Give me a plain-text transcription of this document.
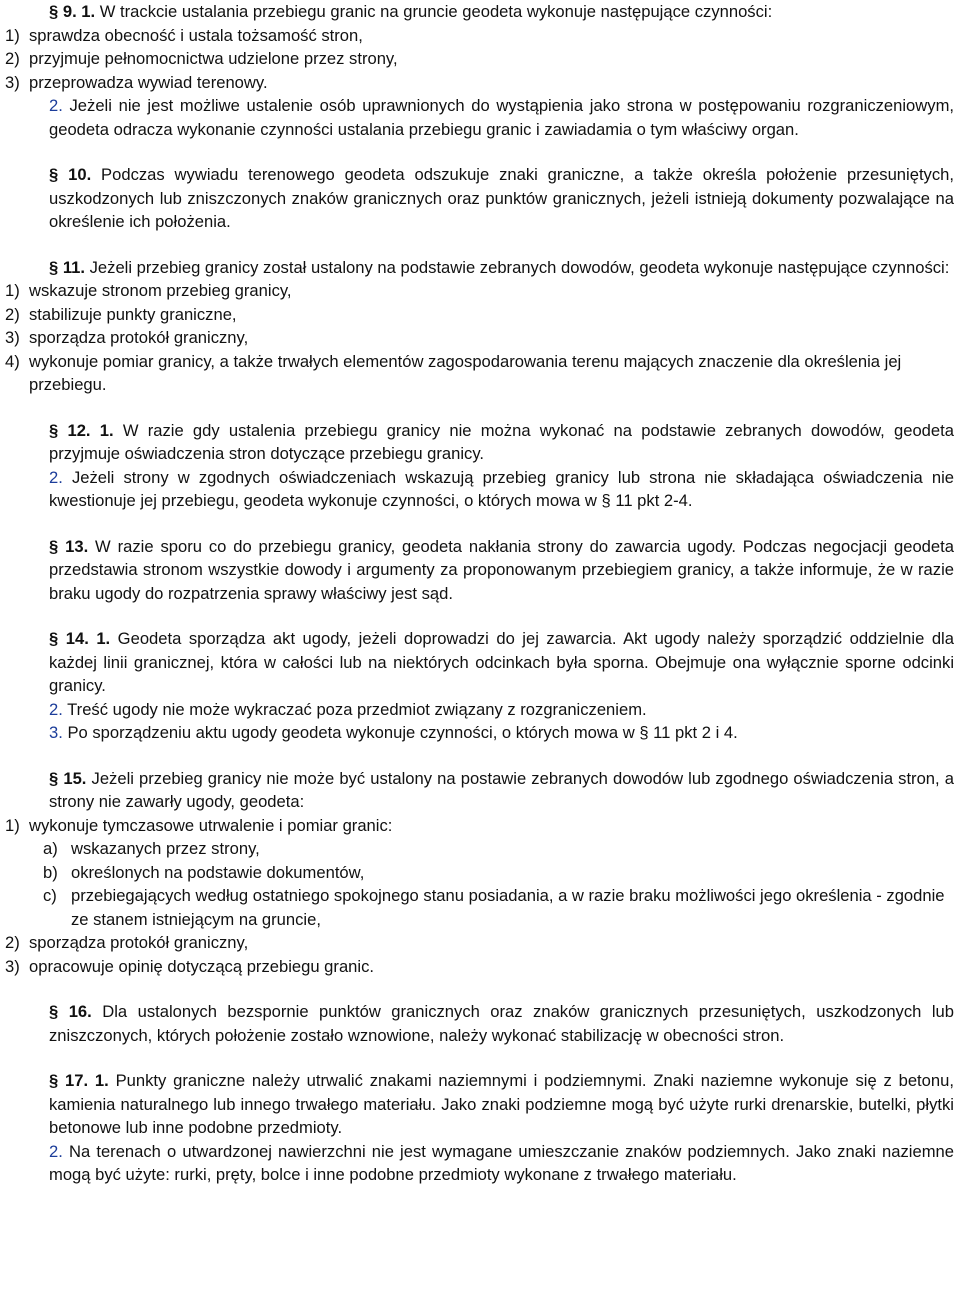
§ 9. 1. W trackcie ustalania przebiegu granic na gruncie geodeta wykonuje następujące czynności:

1) sprawdza obecność i ustala tożsamość stron,
2) przyjmuje pełnomocnictwa udzielone przez strony,
3) przeprowadza wywiad terenowy.

2. Jeżeli nie jest możliwe ustalenie osób uprawnionych do wystąpienia jako strona w postępowaniu rozgraniczeniowym, geodeta odracza wykonanie czynności ustalania przebiegu granic i zawiadamia o tym właściwy organ.

§ 10. Podczas wywiadu terenowego geodeta odszukuje znaki graniczne, a także określa położenie przesuniętych, uszkodzonych lub zniszczonych znaków granicznych oraz punktów granicznych, jeżeli istnieją dokumenty pozwalające na określenie ich położenia.

§ 11. Jeżeli przebieg granicy został ustalony na podstawie zebranych dowodów, geodeta wykonuje następujące czynności:

1) wskazuje stronom przebieg granicy,
2) stabilizuje punkty graniczne,
3) sporządza protokół graniczny,
4) wykonuje pomiar granicy, a także trwałych elementów zagospodarowania terenu mających znaczenie dla określenia jej przebiegu.

§ 12. 1. W razie gdy ustalenia przebiegu granicy nie można wykonać na podstawie zebranych dowodów, geodeta przyjmuje oświadczenia stron dotyczące przebiegu granicy.

2. Jeżeli strony w zgodnych oświadczeniach wskazują przebieg granicy lub strona nie składająca oświadczenia nie kwestionuje jej przebiegu, geodeta wykonuje czynności, o których mowa w § 11 pkt 2-4.

§ 13. W razie sporu co do przebiegu granicy, geodeta nakłania strony do zawarcia ugody. Podczas negocjacji geodeta przedstawia stronom wszystkie dowody i argumenty za proponowanym przebiegiem granicy, a także informuje, że w razie braku ugody do rozpatrzenia sprawy właściwy jest sąd.

§ 14. 1. Geodeta sporządza akt ugody, jeżeli doprowadzi do jej zawarcia. Akt ugody należy sporządzić oddzielnie dla każdej linii granicznej, która w całości lub na niektórych odcinkach była sporna. Obejmuje ona wyłącznie sporne odcinki granicy.

2. Treść ugody nie może wykraczać poza przedmiot związany z rozgraniczeniem.

3. Po sporządzeniu aktu ugody geodeta wykonuje czynności, o których mowa w § 11 pkt 2 i 4.

§ 15. Jeżeli przebieg granicy nie może być ustalony na postawie zebranych dowodów lub zgodnego oświadczenia stron, a strony nie zawarły ugody, geodeta:

1) wykonuje tymczasowe utrwalenie i pomiar granic:
a) wskazanych przez strony,
b) określonych na podstawie dokumentów,
c) przebiegających według ostatniego spokojnego stanu posiadania, a w razie braku możliwości jego określenia - zgodnie ze stanem istniejącym na gruncie,
2) sporządza protokół graniczny,
3) opracowuje opinię dotyczącą przebiegu granic.

§ 16. Dla ustalonych bezspornie punktów granicznych oraz znaków granicznych przesuniętych, uszkodzonych lub zniszczonych, których położenie zostało wznowione, należy wykonać stabilizację w obecności stron.

§ 17. 1. Punkty graniczne należy utrwalić znakami naziemnymi i podziemnymi. Znaki naziemne wykonuje się z betonu, kamienia naturalnego lub innego trwałego materiału. Jako znaki podziemne mogą być użyte rurki drenarskie, butelki, płytki betonowe lub inne podobne przedmioty.

2. Na terenach o utwardzonej nawierzchni nie jest wymagane umieszczanie znaków podziemnych. Jako znaki naziemne mogą być użyte: rurki, pręty, bolce i inne podobne przedmioty wykonane z trwałego materiału.
